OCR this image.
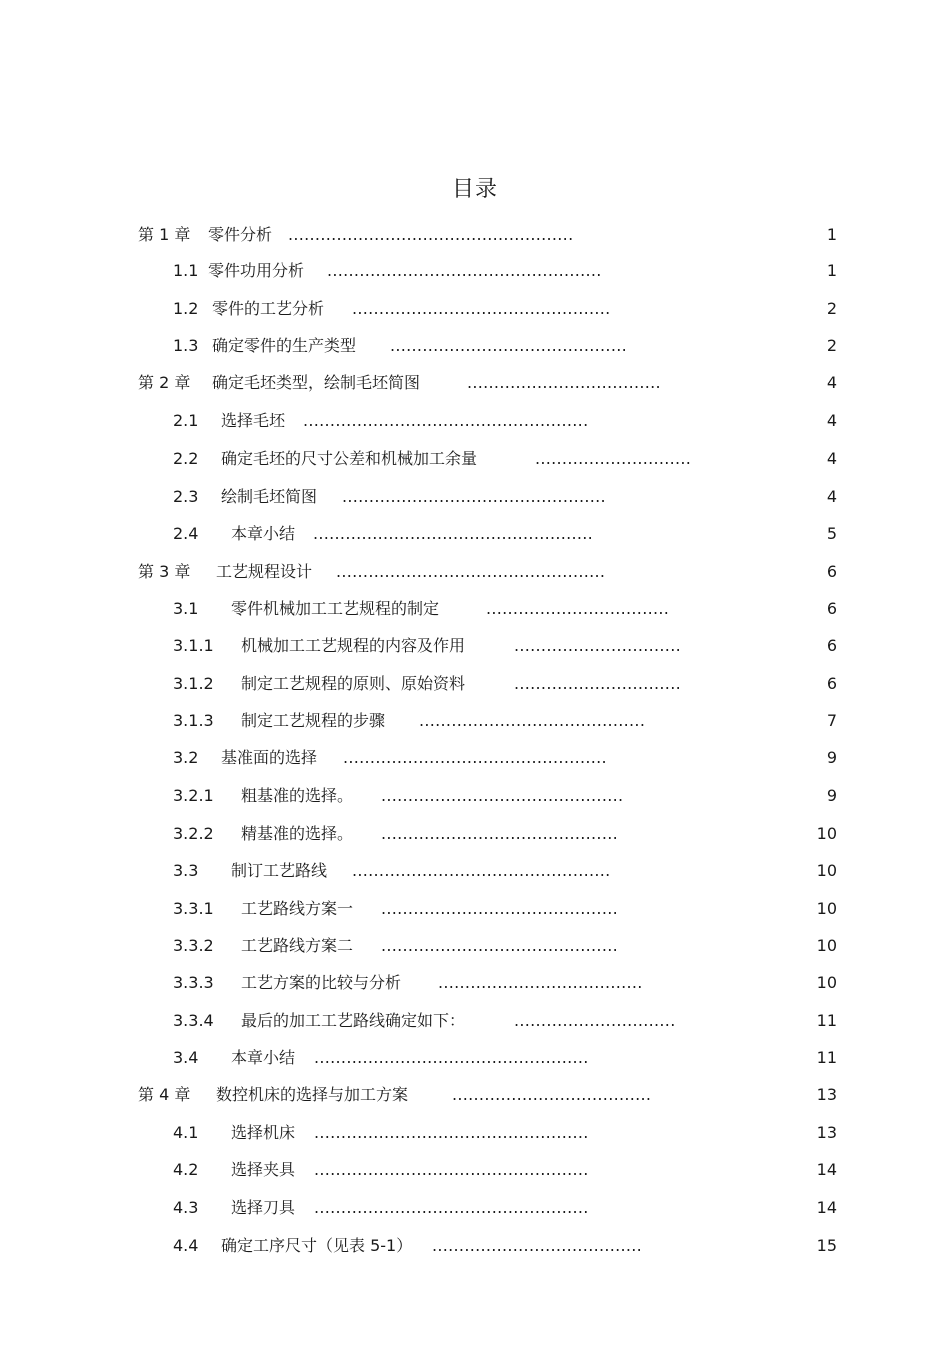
目录
第 1 章 零件分析 .....................................................	1
1.1 零件功用分析 ...................................................	1
1.2 零件的工艺分析 ................................................	2
1.3 确定零件的生产类型 ............................................	2
第 2 章 确定毛坯类型，绘制毛坯简图	....................................	4
2.1 选择毛坯 .....................................................	4
2.2 确定毛坯的尺寸公差和机械加工余量	.............................	4
2.3 绘制毛坯简图 .................................................	4
2.4 本章小结 ....................................................	5
第 3 章 工艺规程设计 ..................................................	6
3.1 零件机械加工工艺规程的制定	..................................	6
3.1.1 机械加工工艺规程的内容及作用	...............................	6
3.1.2 制定工艺规程的原则、原始资料	...............................	6
3.1.3 制定工艺规程的步骤 ..........................................	7
3.2 基准面的选择 .................................................	9
3.2.1 粗基准的选择。 .............................................	9
3.2.2 精基准的选择。 ............................................	10
3.3 制订工艺路线 ................................................	10
3.3.1 工艺路线方案一 ............................................	10
3.3.2 工艺路线方案二 ............................................	10
3.3.3 工艺方案的比较与分析 ......................................	10
3.3.4 最后的加工工艺路线确定如下：	..............................	11
3.4 本章小结 ...................................................	11
第 4 章 数控机床的选择与加工方案	.....................................	13
4.1 选择机床 ...................................................	13
4.2 选择夹具 ...................................................	14
4.3 选择刀具 ...................................................	14
4.4 确定工序尺寸（见表 5-1） .......................................	15
